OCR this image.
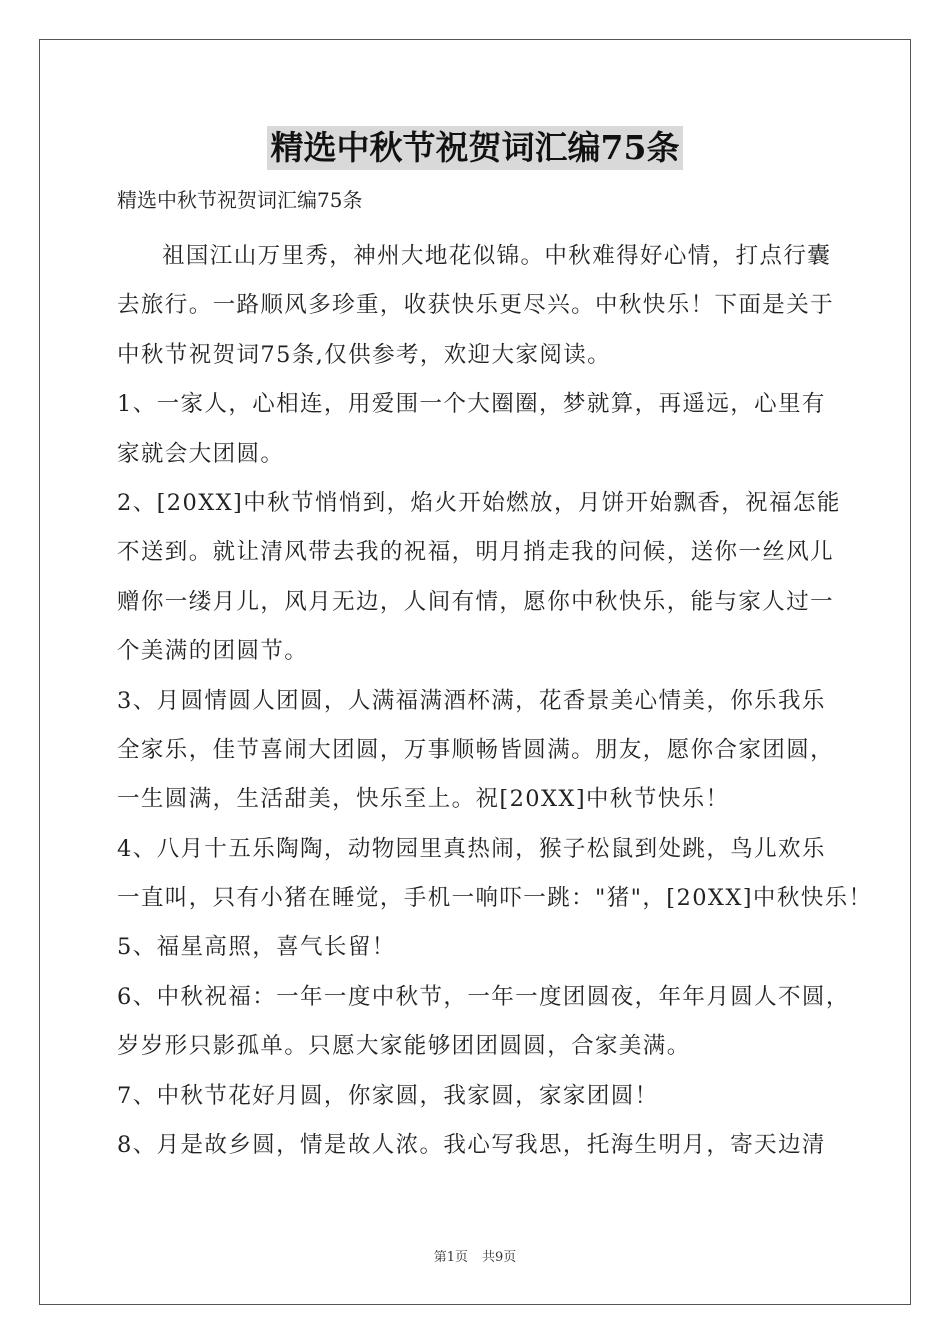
精选中秋节祝贺词汇编75条
精选中秋节祝贺词汇编75条
祖国江山万里秀，神州大地花似锦。中秋难得好心情，打点行囊
去旅行。一路顺风多珍重，收获快乐更尽兴。中秋快乐！下面是关于
中秋节祝贺词75条,仅供参考，欢迎大家阅读。
1、一家人，心相连，用爱围一个大圈圈，梦就算，再遥远，心里有
家就会大团圆。
2、[20XX]中秋节悄悄到，焰火开始燃放，月饼开始飘香，祝福怎能
不送到。就让清风带去我的祝福，明月捎走我的问候，送你一丝风儿
赠你一缕月儿，风月无边，人间有情，愿你中秋快乐，能与家人过一
个美满的团圆节。
3、月圆情圆人团圆，人满福满酒杯满，花香景美心情美，你乐我乐
全家乐，佳节喜闹大团圆，万事顺畅皆圆满。朋友，愿你合家团圆，
一生圆满，生活甜美，快乐至上。祝[20XX]中秋节快乐！
4、八月十五乐陶陶，动物园里真热闹，猴子松鼠到处跳，鸟儿欢乐
一直叫，只有小猪在睡觉，手机一响吓一跳："猪"，[20XX]中秋快乐！
5、福星高照，喜气长留！
6、中秋祝福：一年一度中秋节，一年一度团圆夜，年年月圆人不圆，
岁岁形只影孤单。只愿大家能够团团圆圆，合家美满。
7、中秋节花好月圆，你家圆，我家圆，家家团圆！
8、月是故乡圆，情是故人浓。我心写我思，托海生明月，寄天边清
第1页 共9页
